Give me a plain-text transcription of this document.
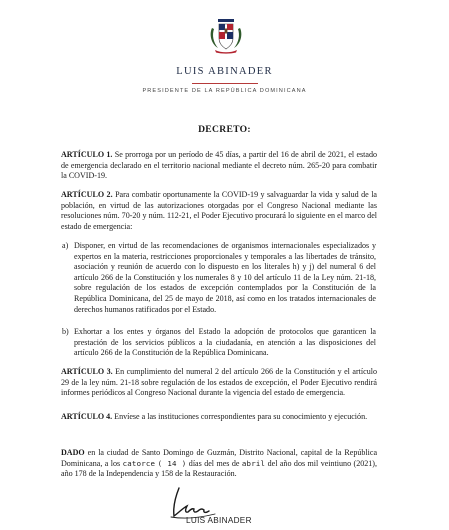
LUIS ABINADER
PRESIDENTE DE LA REPÚBLICA DOMINICANA
DECRETO:
ARTÍCULO 1. Se prorroga por un período de 45 días, a partir del 16 de abril de 2021, el estado de emergencia declarado en el territorio nacional mediante el decreto núm. 265-20 para combatir la COVID-19.
ARTÍCULO 2. Para combatir oportunamente la COVID-19 y salvaguardar la vida y salud de la población, en virtud de las autorizaciones otorgadas por el Congreso Nacional mediante las resoluciones núm. 70-20 y núm. 112-21, el Poder Ejecutivo procurará lo siguiente en el marco del estado de emergencia:
a) Disponer, en virtud de las recomendaciones de organismos internacionales especializados y expertos en la materia, restricciones proporcionales y temporales a las libertades de tránsito, asociación y reunión de acuerdo con lo dispuesto en los literales h) y j) del numeral 6 del artículo 266 de la Constitución y los numerales 8 y 10 del artículo 11 de la Ley núm. 21-18, sobre regulación de los estados de excepción contemplados por la Constitución de la República Dominicana, del 25 de mayo de 2018, así como en los tratados internacionales de derechos humanos ratificados por el Estado.
b) Exhortar a los entes y órganos del Estado la adopción de protocolos que garanticen la prestación de los servicios públicos a la ciudadanía, en atención a las disposiciones del artículo 266 de la Constitución de la República Dominicana.
ARTÍCULO 3. En cumplimiento del numeral 2 del artículo 266 de la Constitución y el artículo 29 de la ley núm. 21-18 sobre regulación de los estados de excepción, el Poder Ejecutivo rendirá informes periódicos al Congreso Nacional durante la vigencia del estado de emergencia.
ARTÍCULO 4. Envíese a las instituciones correspondientes para su conocimiento y ejecución.
DADO en la ciudad de Santo Domingo de Guzmán, Distrito Nacional, capital de la República Dominicana, a los catorce ( 14 ) días del mes de abril del año dos mil veintiuno (2021), año 178 de la Independencia y 158 de la Restauración.
LUIS ABINADER
